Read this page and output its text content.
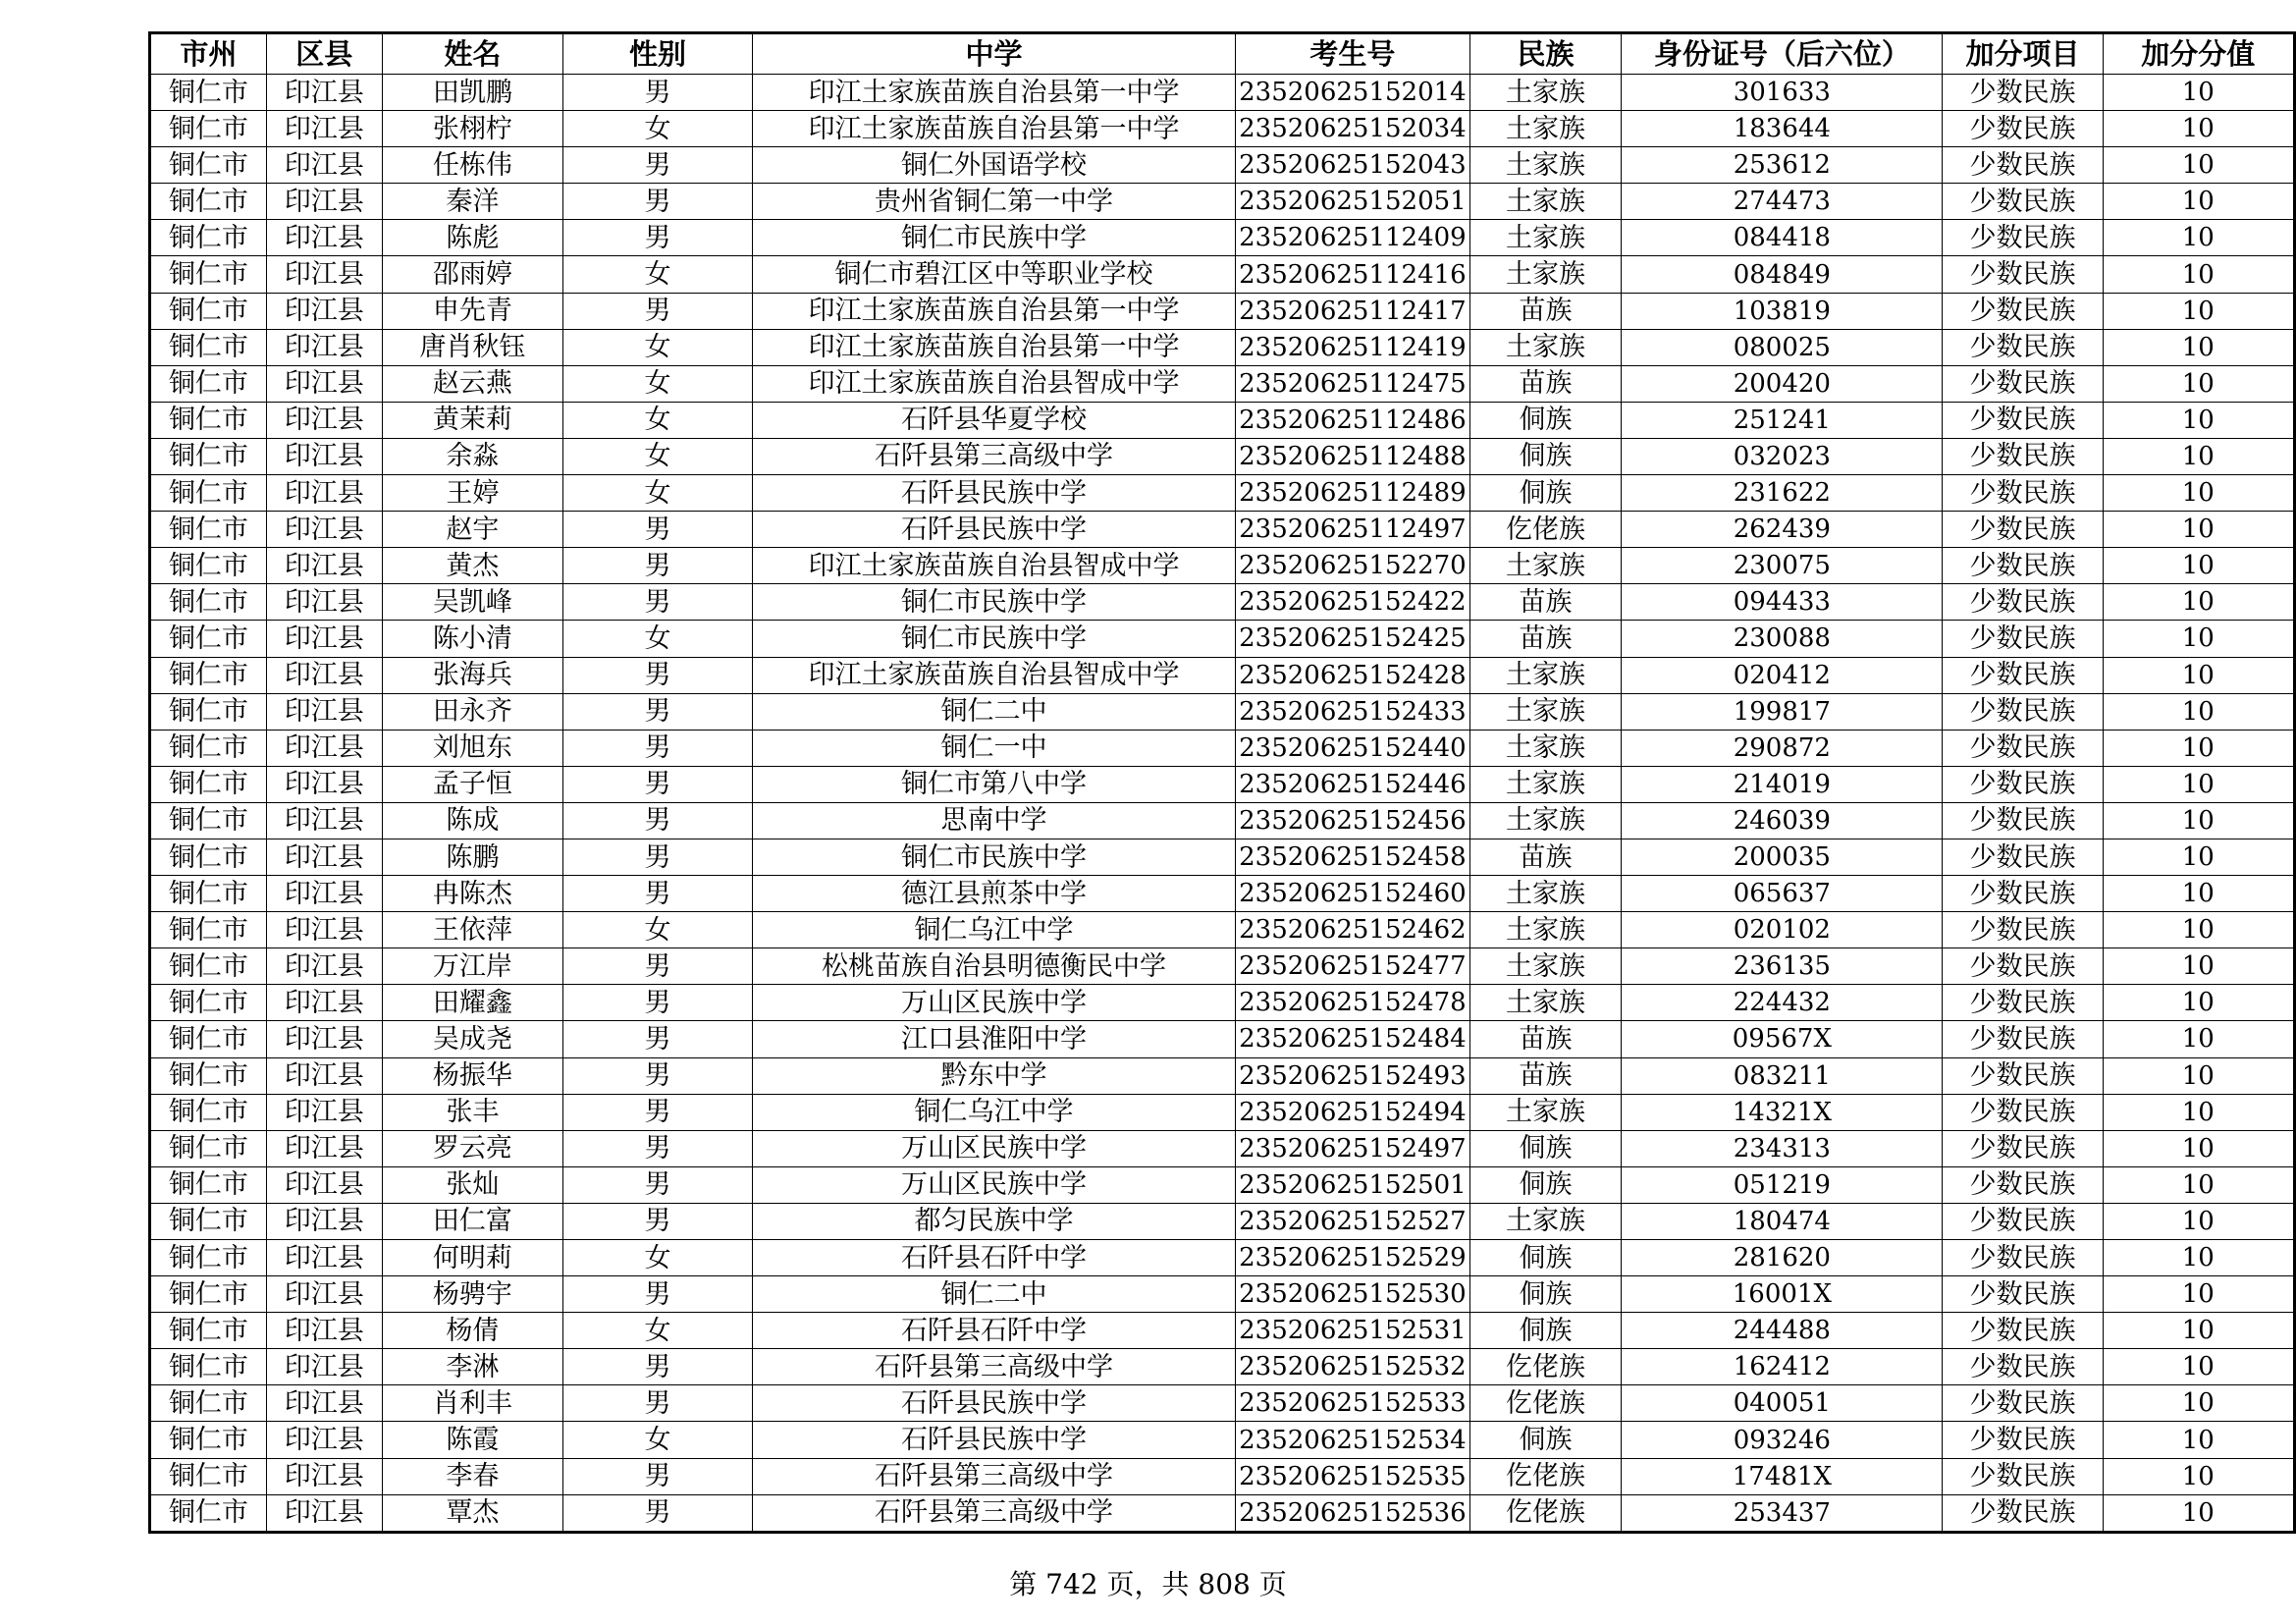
市州	区县	姓名	性别	中学	考生号	民族	身份证号（后六位）	加分项目	加分分值
铜仁市	印江县	田凯鹏	男	印江土家族苗族自治县第一中学	23520625152014	土家族	301633	少数民族	10
铜仁市	印江县	张栩柠	女	印江土家族苗族自治县第一中学	23520625152034	土家族	183644	少数民族	10
铜仁市	印江县	任栋伟	男	铜仁外国语学校	23520625152043	土家族	253612	少数民族	10
铜仁市	印江县	秦洋	男	贵州省铜仁第一中学	23520625152051	土家族	274473	少数民族	10
铜仁市	印江县	陈彪	男	铜仁市民族中学	23520625112409	土家族	084418	少数民族	10
铜仁市	印江县	邵雨婷	女	铜仁市碧江区中等职业学校	23520625112416	土家族	084849	少数民族	10
铜仁市	印江县	申先青	男	印江土家族苗族自治县第一中学	23520625112417	苗族	103819	少数民族	10
铜仁市	印江县	唐肖秋钰	女	印江土家族苗族自治县第一中学	23520625112419	土家族	080025	少数民族	10
铜仁市	印江县	赵云燕	女	印江土家族苗族自治县智成中学	23520625112475	苗族	200420	少数民族	10
铜仁市	印江县	黄茉莉	女	石阡县华夏学校	23520625112486	侗族	251241	少数民族	10
铜仁市	印江县	余淼	女	石阡县第三高级中学	23520625112488	侗族	032023	少数民族	10
铜仁市	印江县	王婷	女	石阡县民族中学	23520625112489	侗族	231622	少数民族	10
铜仁市	印江县	赵宇	男	石阡县民族中学	23520625112497	仡佬族	262439	少数民族	10
铜仁市	印江县	黄杰	男	印江土家族苗族自治县智成中学	23520625152270	土家族	230075	少数民族	10
铜仁市	印江县	吴凯峰	男	铜仁市民族中学	23520625152422	苗族	094433	少数民族	10
铜仁市	印江县	陈小清	女	铜仁市民族中学	23520625152425	苗族	230088	少数民族	10
铜仁市	印江县	张海兵	男	印江土家族苗族自治县智成中学	23520625152428	土家族	020412	少数民族	10
铜仁市	印江县	田永齐	男	铜仁二中	23520625152433	土家族	199817	少数民族	10
铜仁市	印江县	刘旭东	男	铜仁一中	23520625152440	土家族	290872	少数民族	10
铜仁市	印江县	孟子恒	男	铜仁市第八中学	23520625152446	土家族	214019	少数民族	10
铜仁市	印江县	陈成	男	思南中学	23520625152456	土家族	246039	少数民族	10
铜仁市	印江县	陈鹏	男	铜仁市民族中学	23520625152458	苗族	200035	少数民族	10
铜仁市	印江县	冉陈杰	男	德江县煎茶中学	23520625152460	土家族	065637	少数民族	10
铜仁市	印江县	王依萍	女	铜仁乌江中学	23520625152462	土家族	020102	少数民族	10
铜仁市	印江县	万江岸	男	松桃苗族自治县明德衡民中学	23520625152477	土家族	236135	少数民族	10
铜仁市	印江县	田耀鑫	男	万山区民族中学	23520625152478	土家族	224432	少数民族	10
铜仁市	印江县	吴成尧	男	江口县淮阳中学	23520625152484	苗族	09567X	少数民族	10
铜仁市	印江县	杨振华	男	黔东中学	23520625152493	苗族	083211	少数民族	10
铜仁市	印江县	张丰	男	铜仁乌江中学	23520625152494	土家族	14321X	少数民族	10
铜仁市	印江县	罗云亮	男	万山区民族中学	23520625152497	侗族	234313	少数民族	10
铜仁市	印江县	张灿	男	万山区民族中学	23520625152501	侗族	051219	少数民族	10
铜仁市	印江县	田仁富	男	都匀民族中学	23520625152527	土家族	180474	少数民族	10
铜仁市	印江县	何明莉	女	石阡县石阡中学	23520625152529	侗族	281620	少数民族	10
铜仁市	印江县	杨骋宇	男	铜仁二中	23520625152530	侗族	16001X	少数民族	10
铜仁市	印江县	杨倩	女	石阡县石阡中学	23520625152531	侗族	244488	少数民族	10
铜仁市	印江县	李淋	男	石阡县第三高级中学	23520625152532	仡佬族	162412	少数民族	10
铜仁市	印江县	肖利丰	男	石阡县民族中学	23520625152533	仡佬族	040051	少数民族	10
铜仁市	印江县	陈霞	女	石阡县民族中学	23520625152534	侗族	093246	少数民族	10
铜仁市	印江县	李春	男	石阡县第三高级中学	23520625152535	仡佬族	17481X	少数民族	10
铜仁市	印江县	覃杰	男	石阡县第三高级中学	23520625152536	仡佬族	253437	少数民族	10
第 742 页，共 808 页
